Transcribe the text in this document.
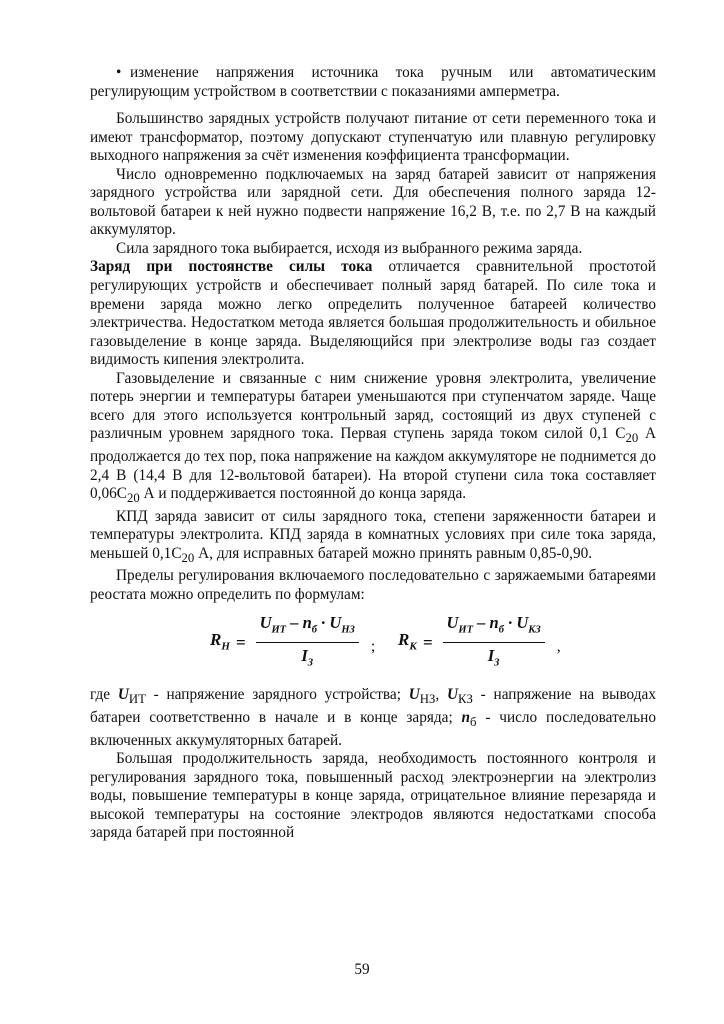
• изменение напряжения источника тока ручным или автоматическим регулирующим устройством в соответствии с показаниями амперметра.

Большинство зарядных устройств получают питание от сети переменного тока и имеют трансформатор, поэтому допускают ступенчатую или плавную регулировку выходного напряжения за счёт изменения коэффициента трансформации.

Число одновременно подключаемых на заряд батарей зависит от напряжения зарядного устройства или зарядной сети. Для обеспечения полного заряда 12-вольтовой батареи к ней нужно подвести напряжение 16,2 В, т.е. по 2,7 В на каждый аккумулятор.

Сила зарядного тока выбирается, исходя из выбранного режима заряда.

Заряд при постоянстве силы тока отличается сравнительной простотой регулирующих устройств и обеспечивает полный заряд батарей. По силе тока и времени заряда можно легко определить полученное батареей количество электричества. Недостатком метода является большая продолжительность и обильное газовыделение в конце заряда. Выделяющийся при электролизе воды газ создает видимость кипения электролита.

Газовыделение и связанные с ним снижение уровня электролита, увеличение потерь энергии и температуры батареи уменьшаются при ступенчатом заряде. Чаще всего для этого используется контрольный заряд, состоящий из двух ступеней с различным уровнем зарядного тока. Первая ступень заряда током силой 0,1 $С_{20}$ А продолжается до тех пор, пока напряжение на каждом аккумуляторе не поднимется до 2,4 В (14,4 В для 12-вольтовой батареи). На второй ступени сила тока составляет $0,06С_{20}$ А и поддерживается постоянной до конца заряда.

КПД заряда зависит от силы зарядного тока, степени заряженности батареи и температуры электролита. КПД заряда в комнатных условиях при силе тока заряда, меньшей $0,1С_{20}$ А, для исправных батарей можно принять равным 0,85-0,90.

Пределы регулирования включаемого последовательно с заряжаемыми батареями реостата можно определить по формулам:

$R_Н = \frac{U_{ИТ} - n_б \cdot U_{НЗ}}{I_З}$ ; $R_К = \frac{U_{ИТ} - n_б \cdot U_{КЗ}}{I_З}$ ,

где $U_{ИТ}$ - напряжение зарядного устройства; $U_{НЗ}$, $U_{КЗ}$ - напряжение на выводах батареи соответственно в начале и в конце заряда; $n_б$ - число последовательно включенных аккумуляторных батарей.

Большая продолжительность заряда, необходимость постоянного контроля и регулирования зарядного тока, повышенный расход электроэнергии на электролиз воды, повышение температуры в конце заряда, отрицательное влияние перезаряда и высокой температуры на состояние электродов являются недостатками способа заряда батарей при постоянной

59
